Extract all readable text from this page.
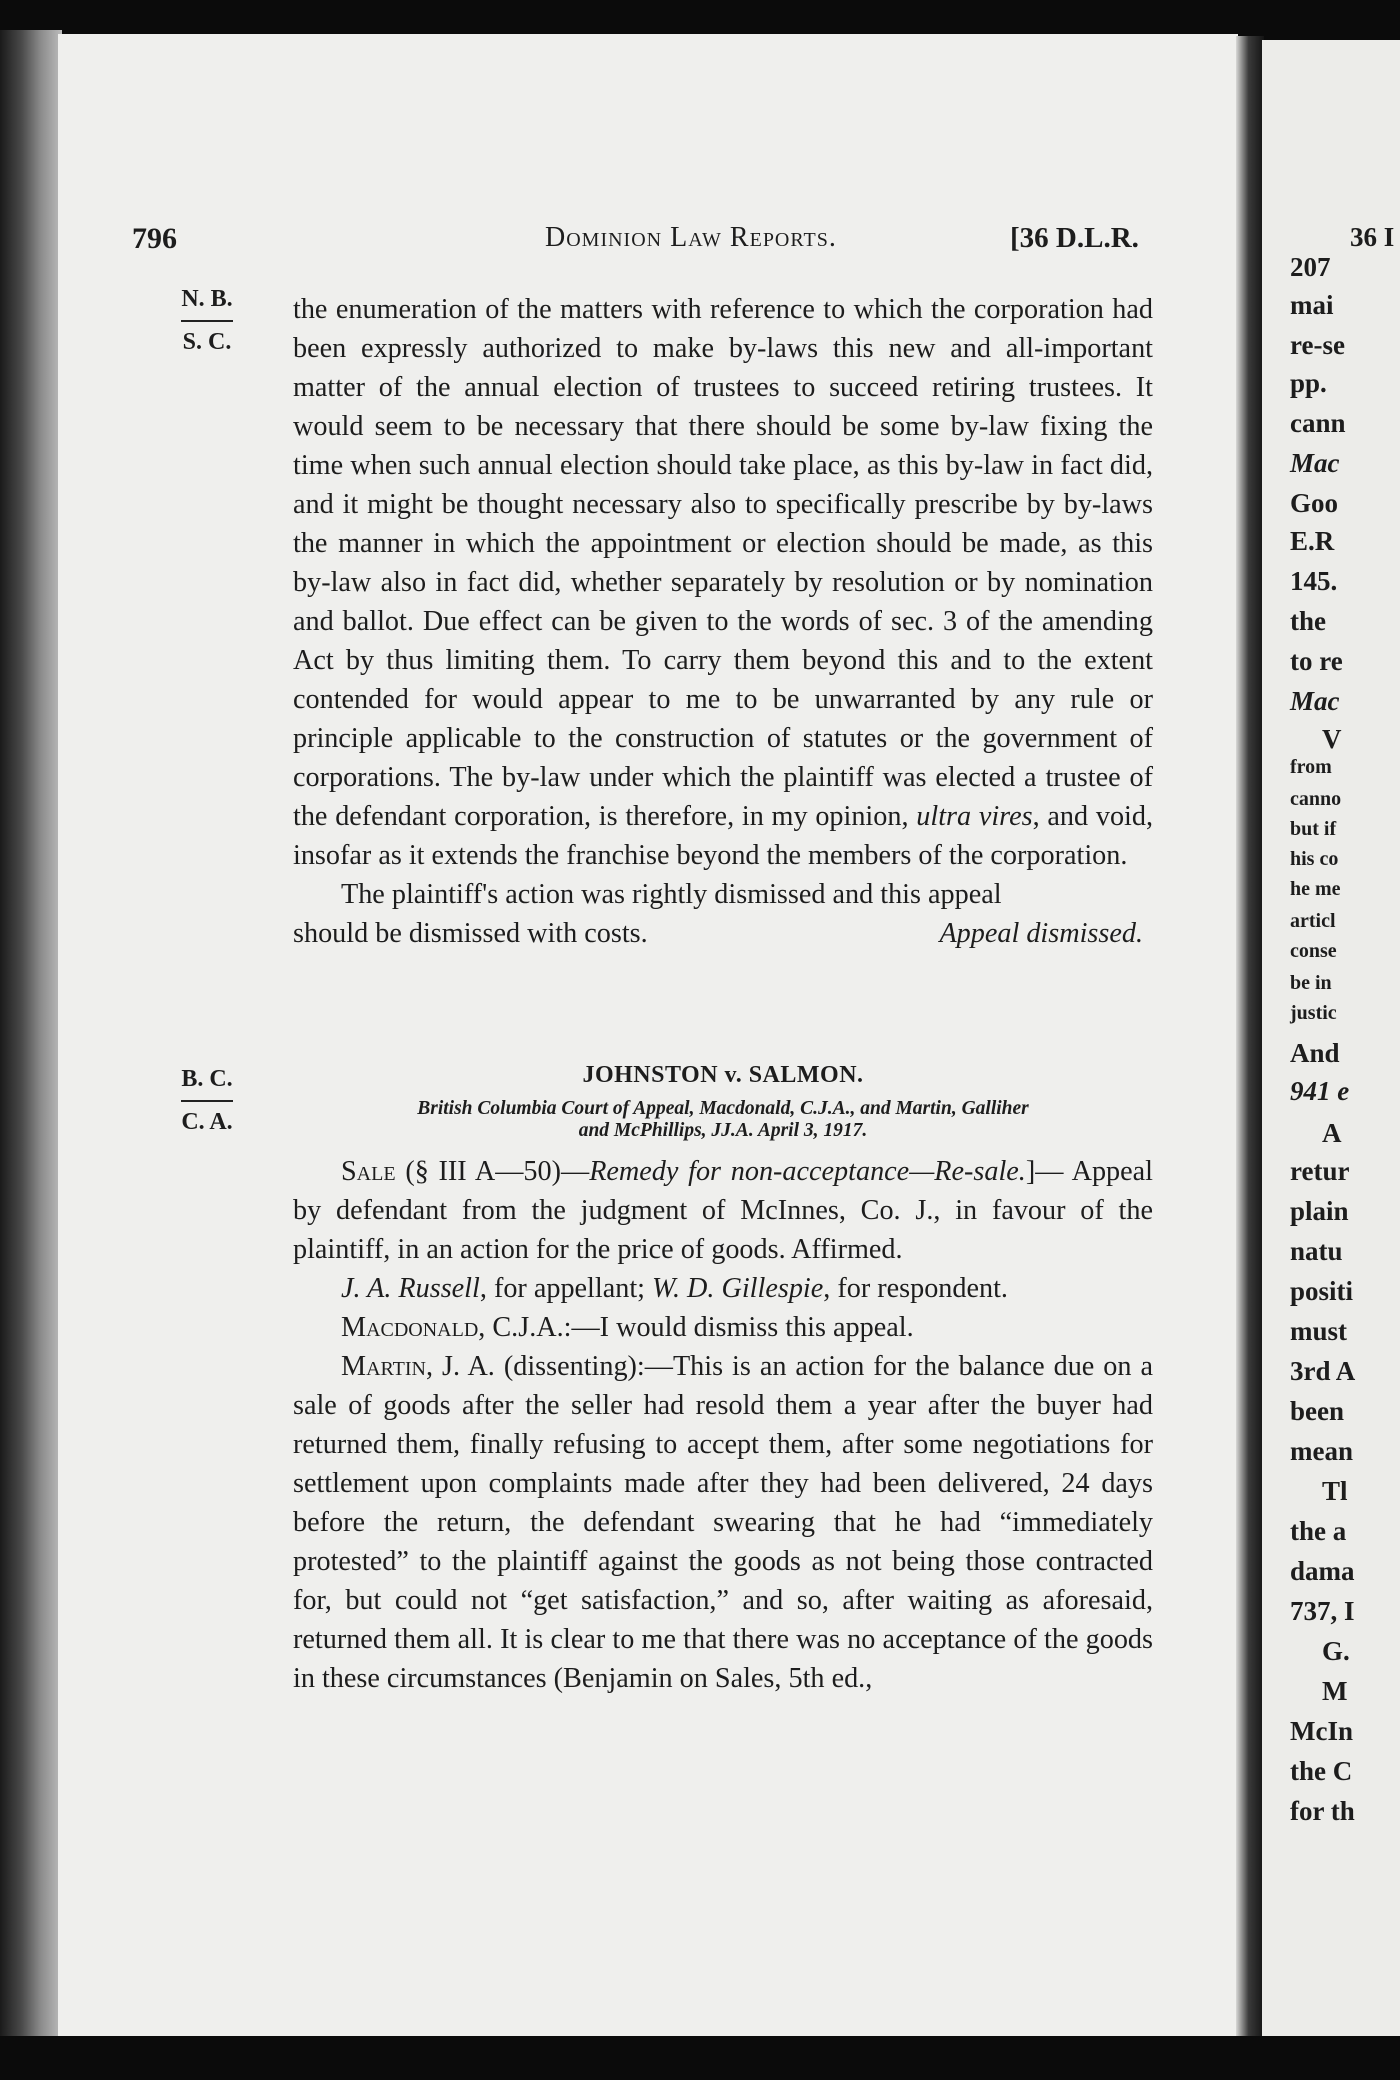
36 I
207
mai
re-se
pp.
cann
Mac
Goo
E.R
145.
the
to re
Mac
V
from
canno
but if
his co
he me
articl
conse
be in
justic
And
941 e
A
retur
plain
natu
positi
must
3rd A
been
mean
Tl
the a
dama
737, I
G.
M
McIn
the C
for th
796	Dominion Law Reports.	[36 D.L.R.
N. B.
S. C.
B. C.
C. A.

the enumeration of the matters with reference to which the corporation had been expressly authorized to make by-laws this new and all-important matter of the annual election of trustees to succeed retiring trustees. It would seem to be necessary that there should be some by-law fixing the time when such annual election should take place, as this by-law in fact did, and it might be thought necessary also to specifically prescribe by by-laws the manner in which the appointment or election should be made, as this by-law also in fact did, whether separately by resolution or by nomination and ballot. Due effect can be given to the words of sec. 3 of the amending Act by thus limiting them. To carry them beyond this and to the extent contended for would appear to me to be unwarranted by any rule or principle applicable to the construction of statutes or the government of corporations. The by-law under which the plaintiff was elected a trustee of the defendant corporation, is therefore, in my opinion, ultra vires, and void, insofar as it extends the franchise beyond the members of the corporation.

The plaintiff's action was rightly dismissed and this appeal

should be dismissed with costs.	Appeal dismissed.
JOHNSTON v. SALMON.
British Columbia Court of Appeal, Macdonald, C.J.A., and Martin, Galliher
and McPhillips, JJ.A. April 3, 1917.

Sale (§ III A—50)—Remedy for non-acceptance—Re-sale.]— Appeal by defendant from the judgment of McInnes, Co. J., in favour of the plaintiff, in an action for the price of goods. Affirmed.

J. A. Russell, for appellant; W. D. Gillespie, for respondent.

Macdonald, C.J.A.:—I would dismiss this appeal.

Martin, J. A. (dissenting):—This is an action for the balance due on a sale of goods after the seller had resold them a year after the buyer had returned them, finally refusing to accept them, after some negotiations for settlement upon complaints made after they had been delivered, 24 days before the return, the defendant swearing that he had “immediately protested” to the plaintiff against the goods as not being those contracted for, but could not “get satisfaction,” and so, after waiting as aforesaid, returned them all. It is clear to me that there was no acceptance of the goods in these circumstances (Benjamin on Sales, 5th ed.,
